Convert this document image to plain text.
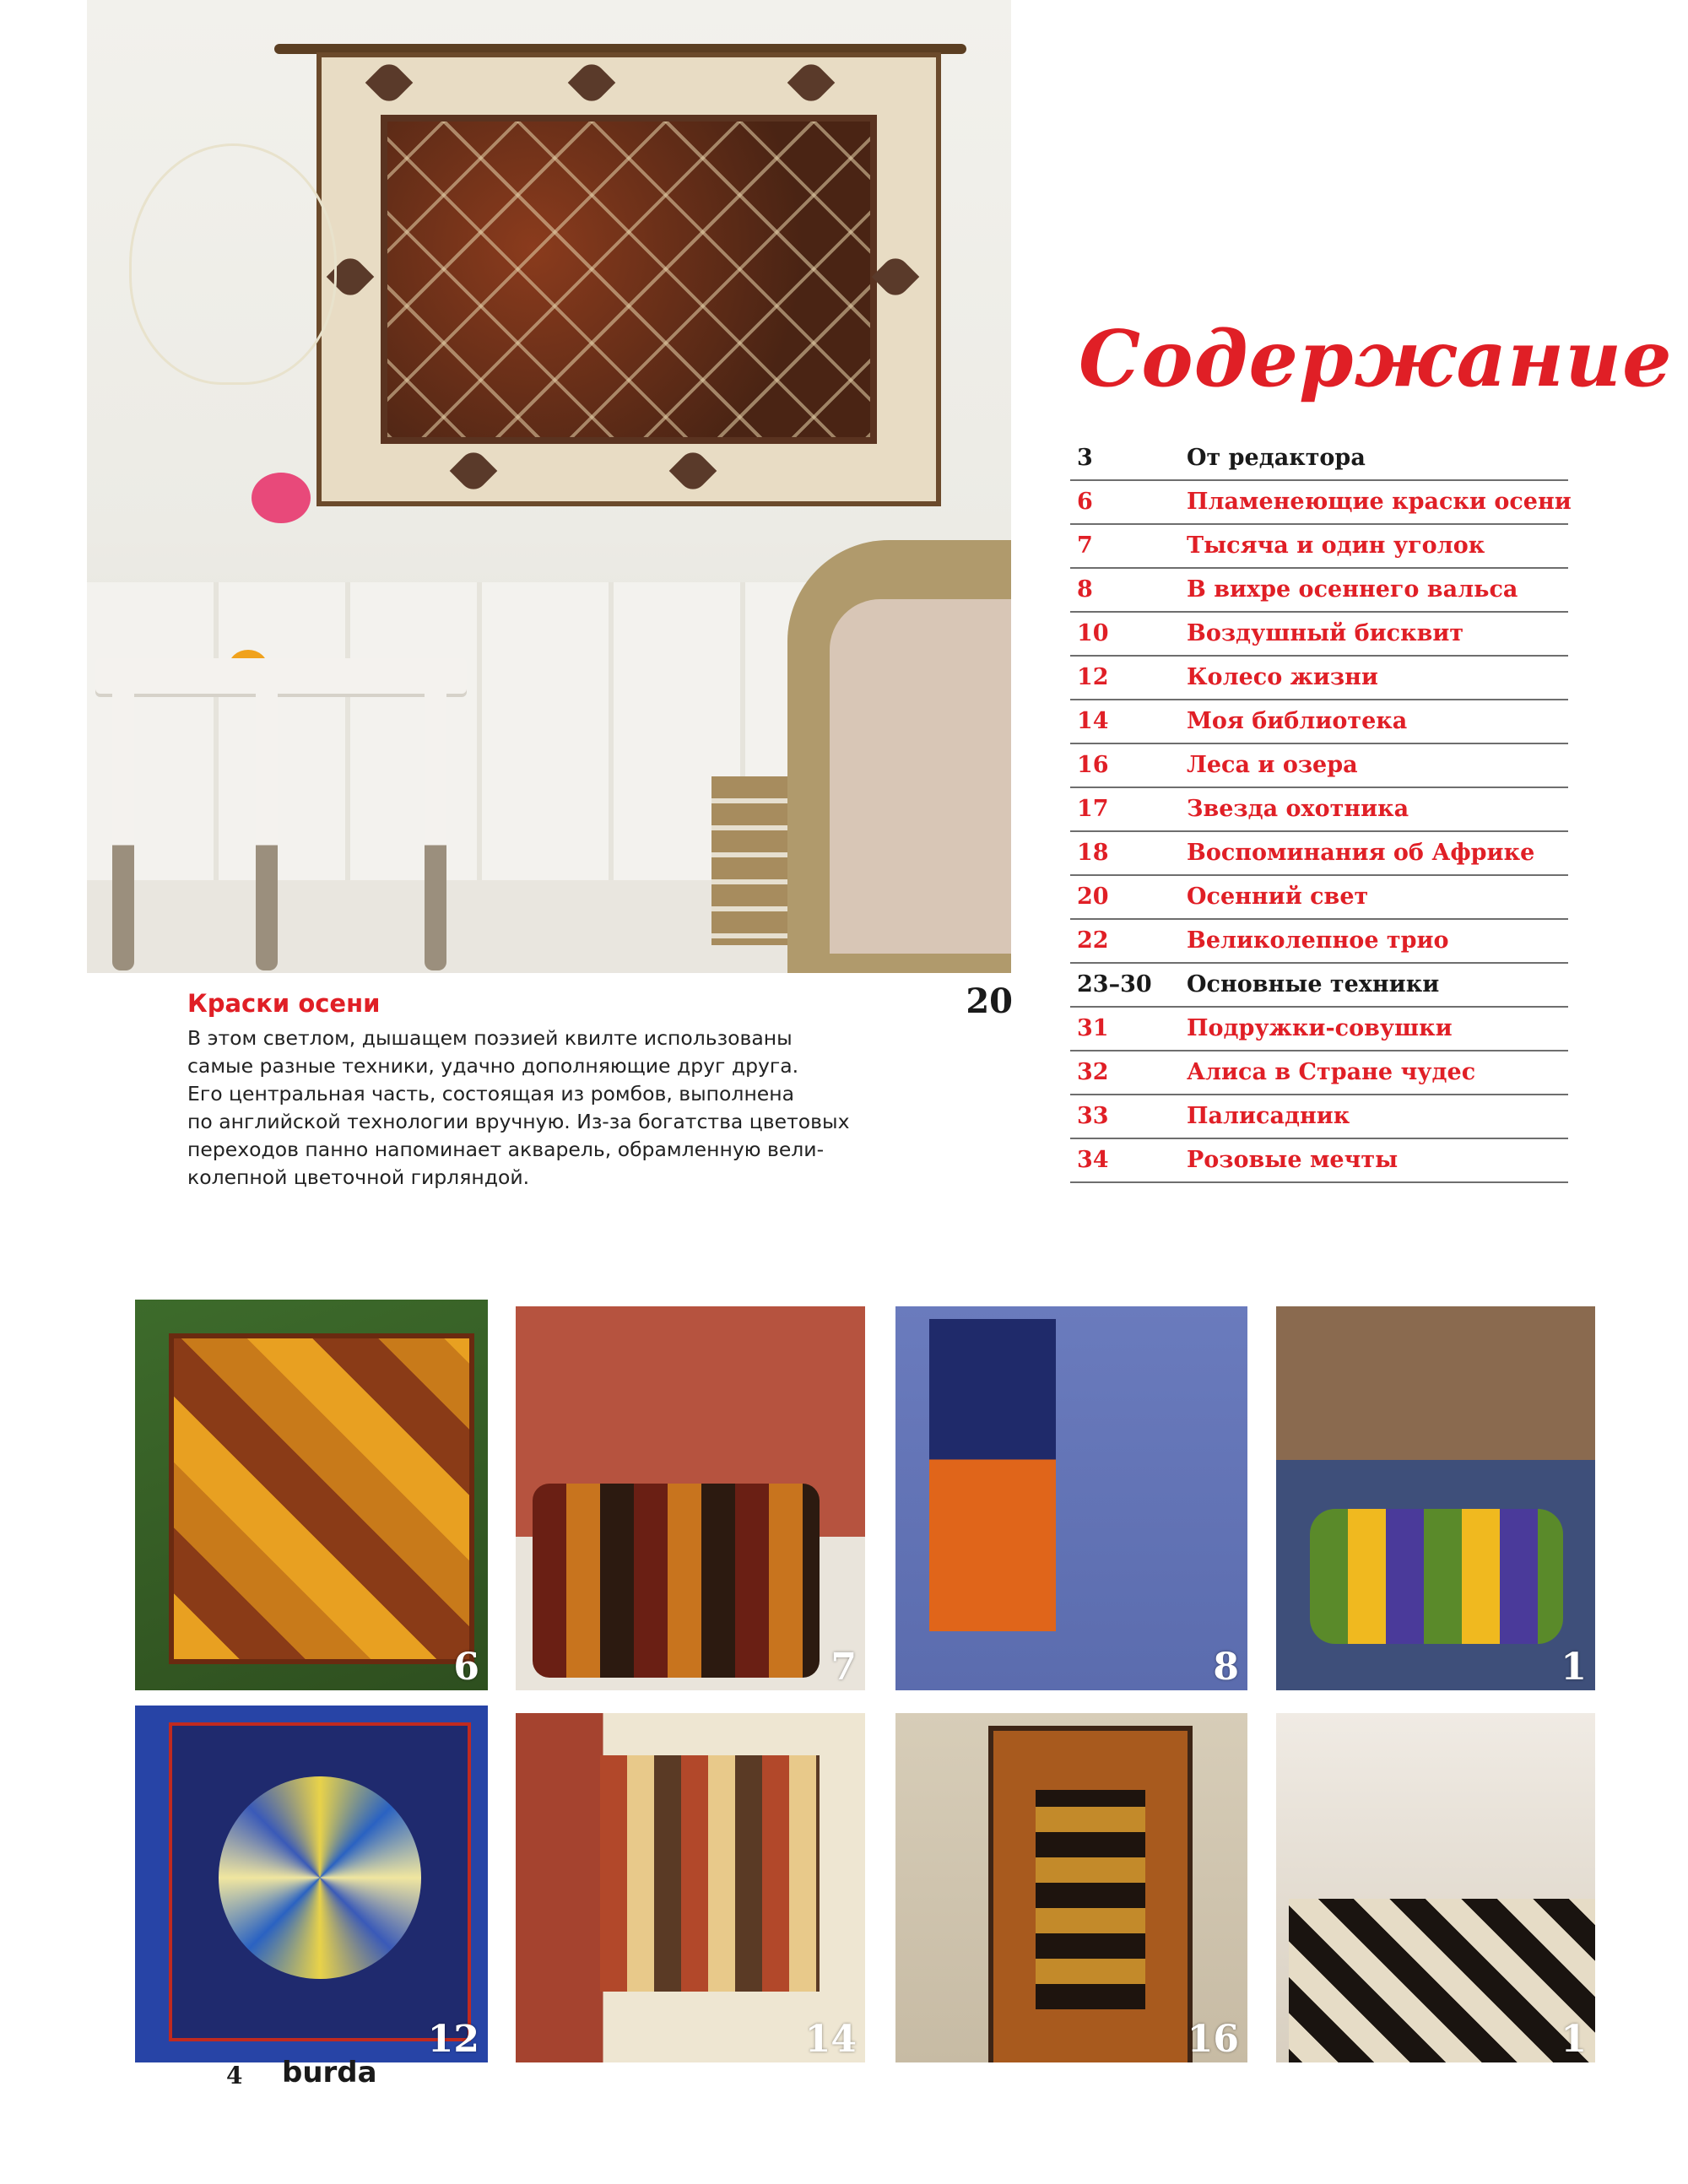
Содержание
3	От редактора
6	Пламенеющие краски осени
7	Тысяча и один уголок
8	В вихре осеннего вальса
10	Воздушный бисквит
12	Колесо жизни
14	Моя библиотека
16	Леса и озера
17	Звезда охотника
18	Воспоминания об Африке
20	Осенний свет
22	Великолепное трио
23–30	Основные техники
31	Подружки-совушки
32	Алиса в Стране чудес
33	Палисадник
34	Розовые мечты
20
Краски осени
В этом светлом, дышащем поэзией квилте использованы
самые разные техники, удачно дополняющие друг друга.
Его центральная часть, состоящая из ромбов, выполнена
по английской технологии вручную. Из-за богатства цветовых
переходов панно напоминает акварель, обрамленную вели-
колепной цветочной гирляндой.
6	7	8	1
12	14	16	1
4 burda
